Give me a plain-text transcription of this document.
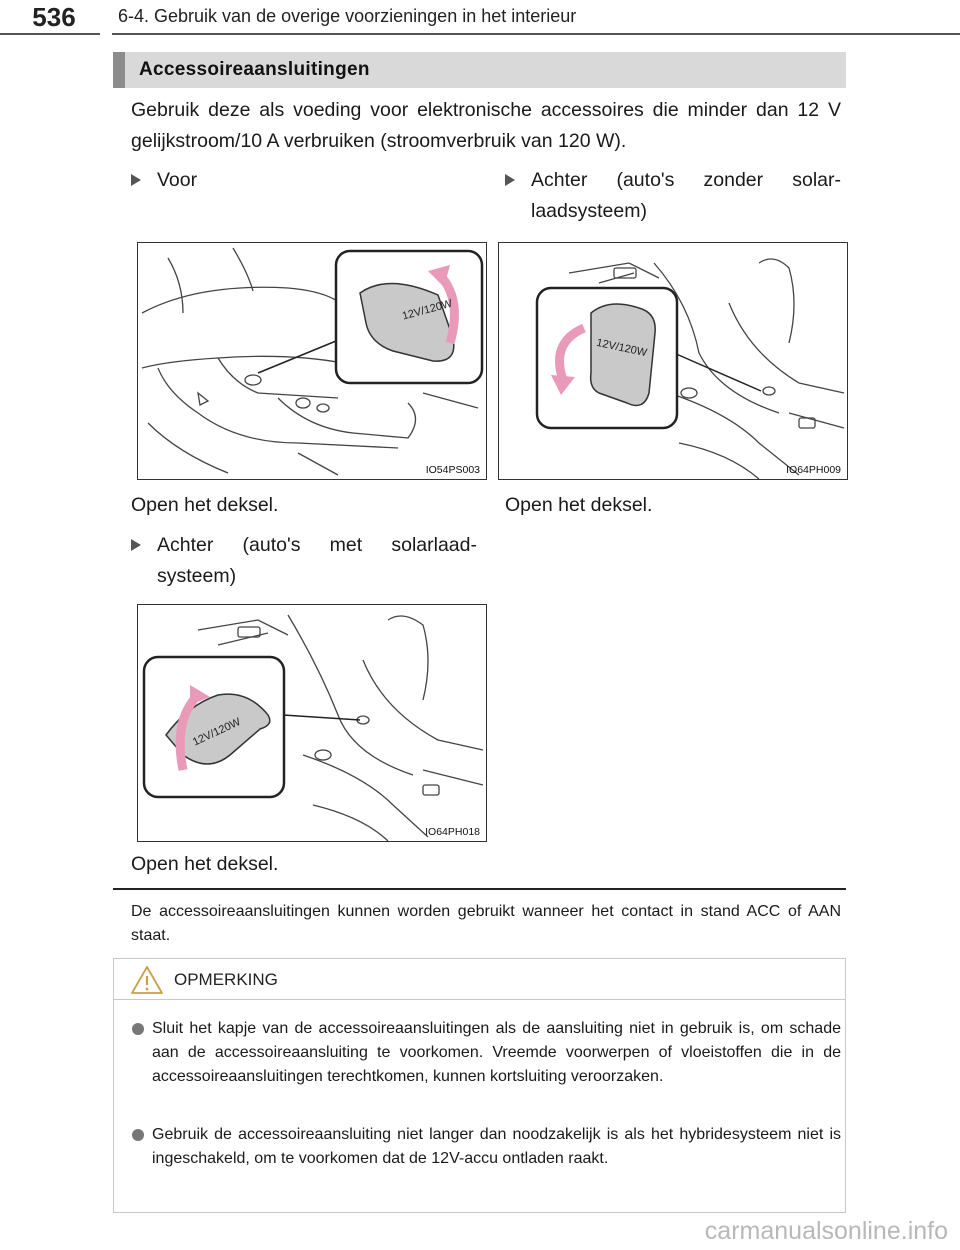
536	6-4. Gebruik van de overige voorzieningen in het interieur
Accessoireaansluitingen
Gebruik deze als voeding voor elektronische accessoires die minder dan 12 V gelijkstroom/10 A verbruiken (stroomverbruik van 120 W).
Voor	Achter (auto's zonder solar-laadsysteem)
12V/120W
IO54PS003
12V/120W
IO64PH009
Open het deksel.	Open het deksel.
Achter (auto's met solarlaad-systeem)
12V/120W
IO64PH018
Open het deksel.
De accessoireaansluitingen kunnen worden gebruikt wanneer het contact in stand ACC of AAN staat.
OPMERKING
Sluit het kapje van de accessoireaansluitingen als de aansluiting niet in gebruik is, om schade aan de accessoireaansluiting te voorkomen. Vreemde voorwerpen of vloeistoffen die in de accessoireaansluitingen terechtkomen, kunnen kortsluiting veroorzaken.
Gebruik de accessoireaansluiting niet langer dan noodzakelijk is als het hybridesysteem niet is ingeschakeld, om te voorkomen dat de 12V-accu ontladen raakt.
carmanualsonline.info
